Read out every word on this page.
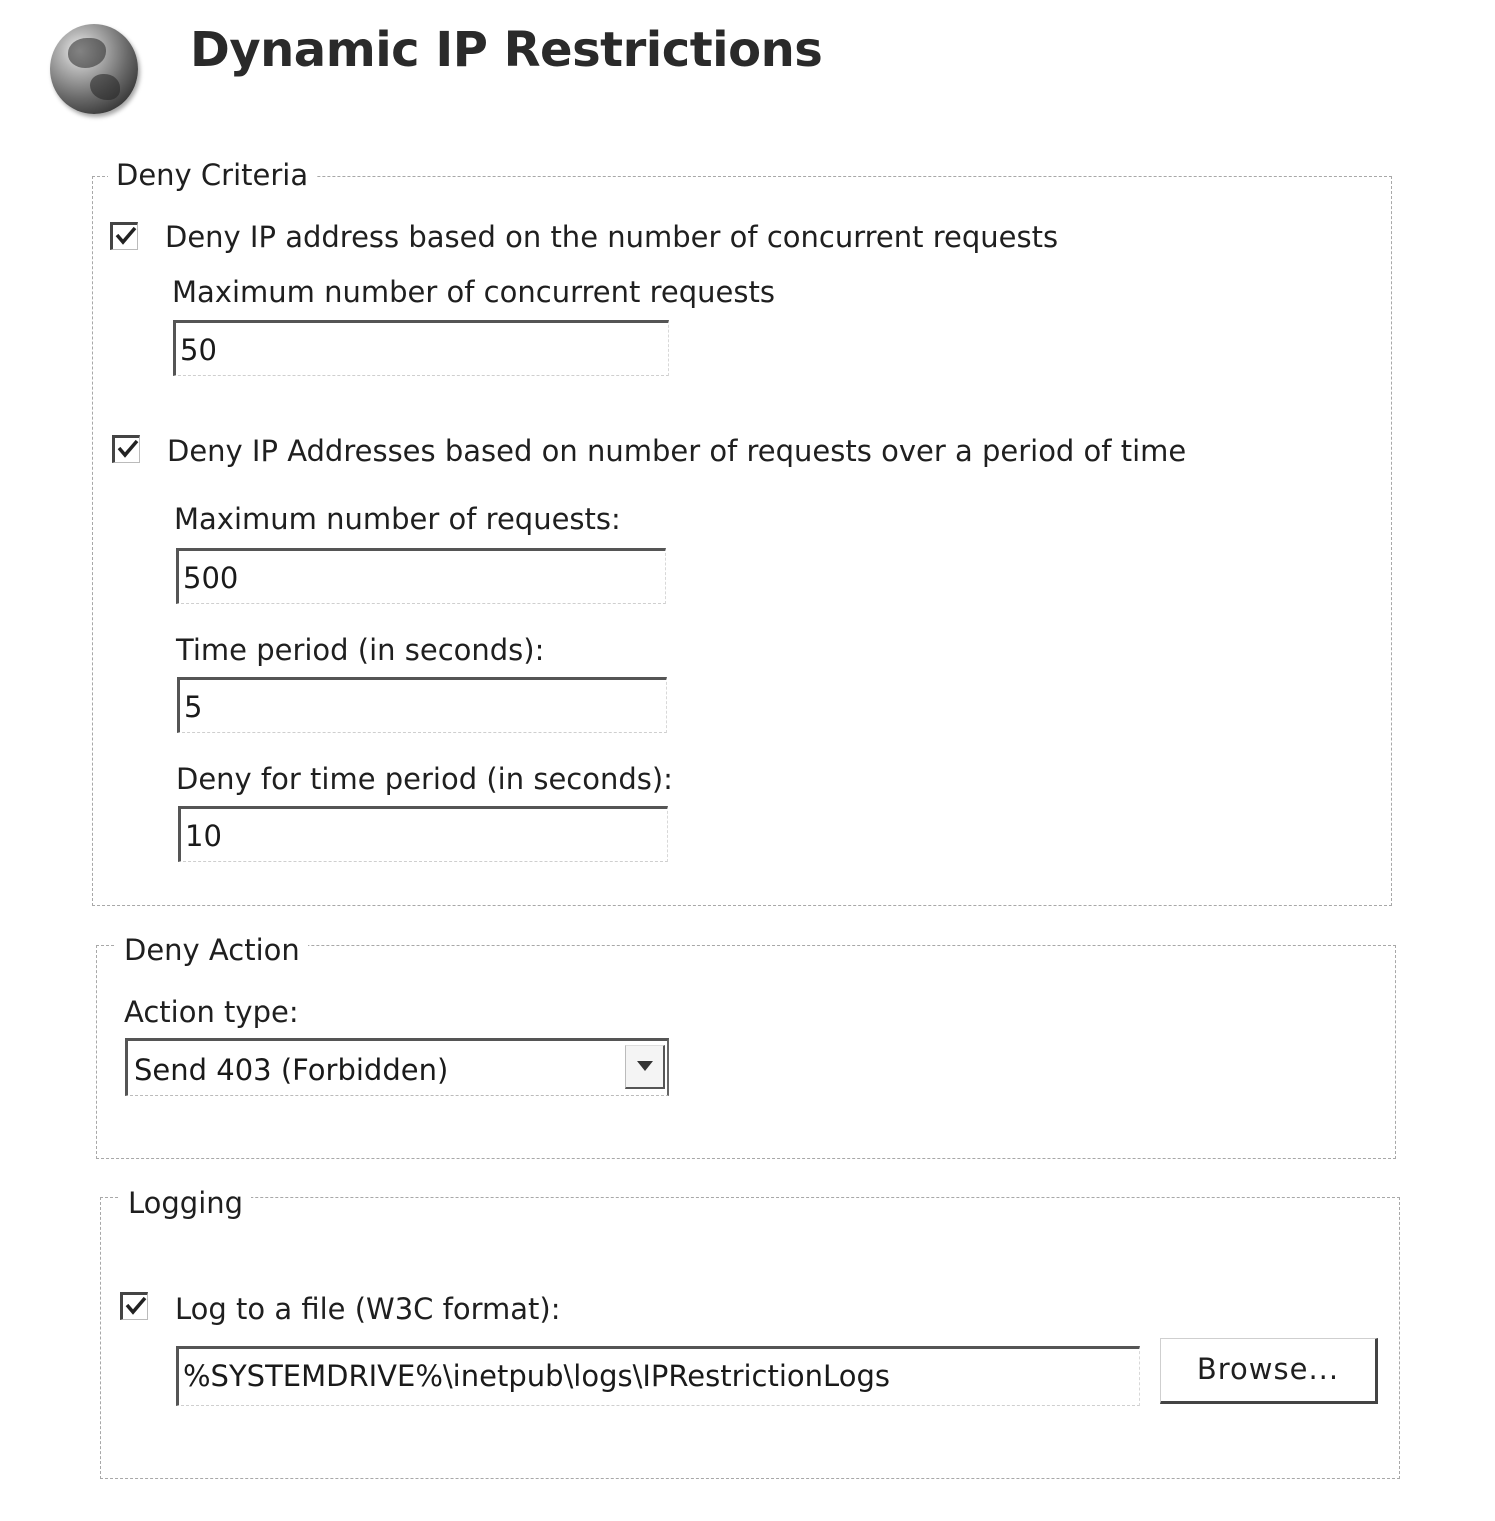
Dynamic IP Restrictions
Deny Criteria
Deny IP address based on the number of concurrent requests
Maximum number of concurrent requests
50
Deny IP Addresses based on number of requests over a period of time
Maximum number of requests:
500
Time period (in seconds):
5
Deny for time period (in seconds):
10
Deny Action
Action type:
Send 403 (Forbidden)
Logging
Log to a file (W3C format):
%SYSTEMDRIVE%\inetpub\logs\IPRestrictionLogs	Browse...
